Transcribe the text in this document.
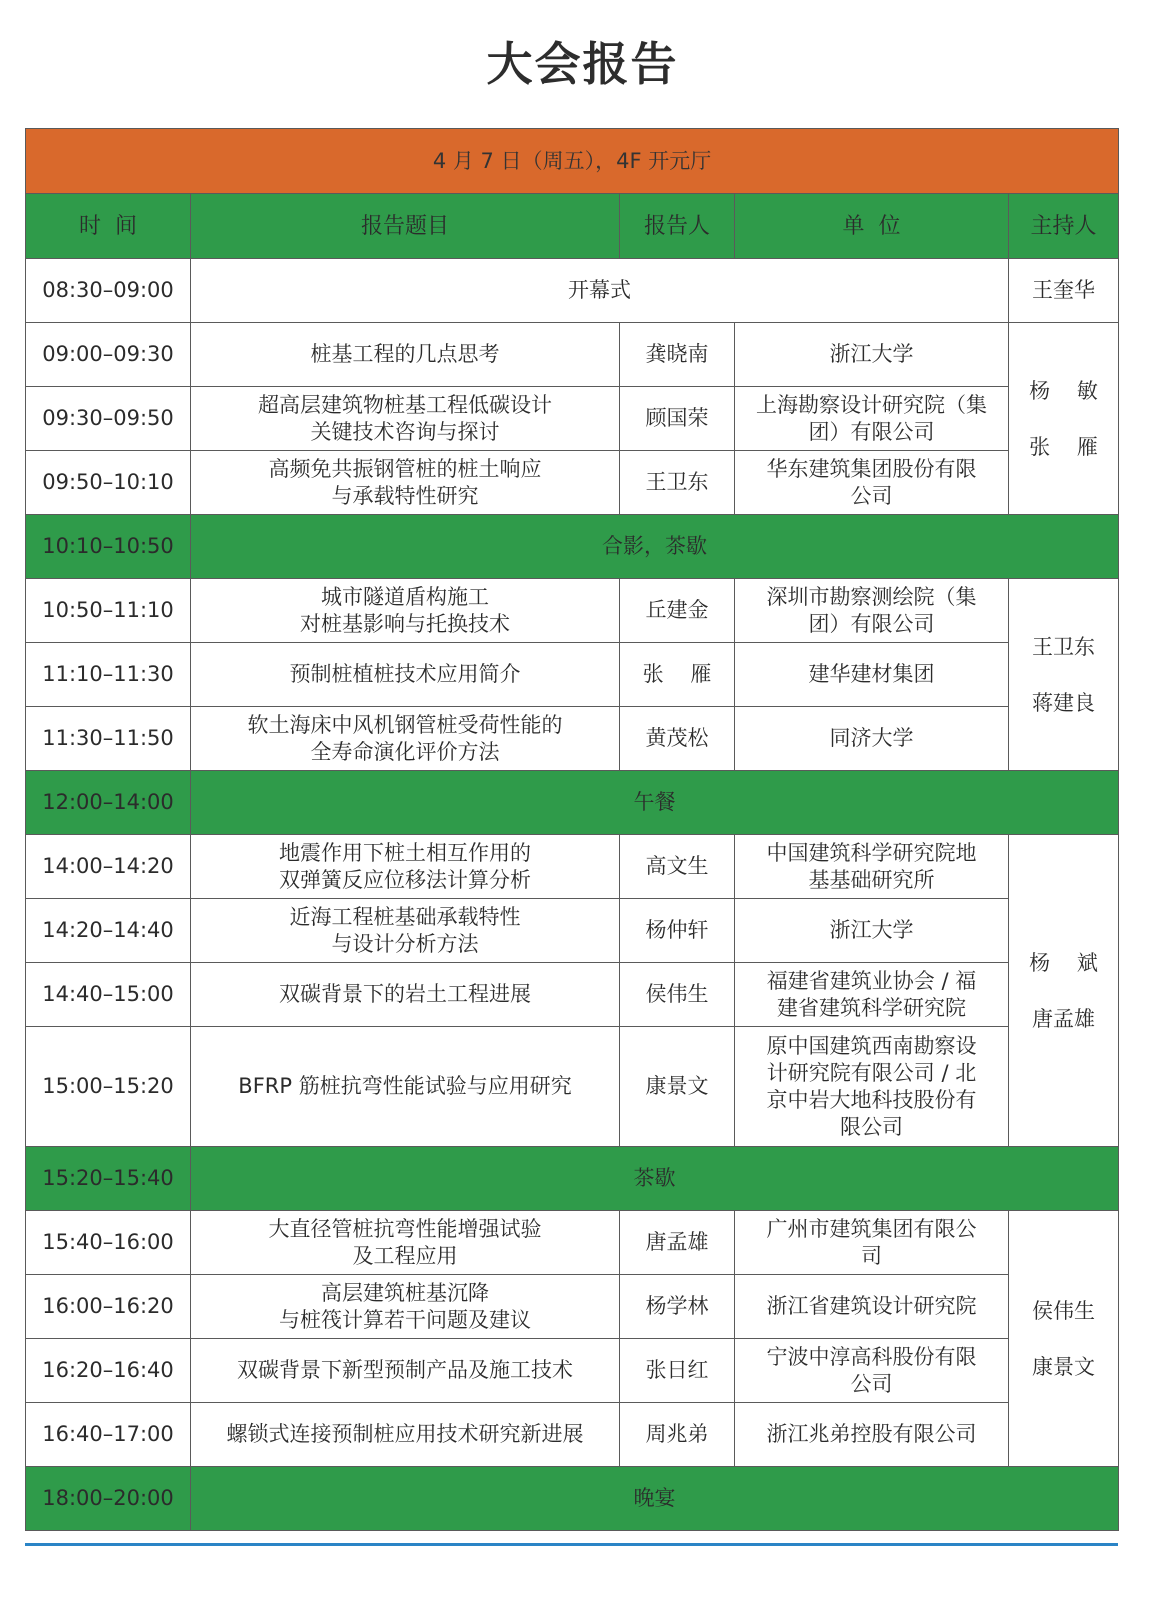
大会报告
4 月 7 日（周五），4F 开元厅				
时  间	报告题目	报告人	单  位	主持人
08:30–09:00	开幕式			王奎华
09:00–09:30	桩基工程的几点思考	龚晓南	浙江大学	杨    敏
张    雁

09:30–09:50	超高层建筑物桩基工程低碳设计
关键技术咨询与探讨	顾国荣	上海勘察设计研究院（集
团）有限公司	

09:50–10:10	高频免共振钢管桩的桩土响应
与承载特性研究	王卫东	华东建筑集团股份有限
公司	

10:10–10:50	合影，茶歇			
10:50–11:10	城市隧道盾构施工
对桩基影响与托换技术	丘建金	深圳市勘察测绘院（集
团）有限公司	王卫东
蒋建良

11:10–11:30	预制桩植桩技术应用简介	张    雁	建华建材集团	

11:30–11:50	软土海床中风机钢管桩受荷性能的
全寿命演化评价方法	黄茂松	同济大学	

12:00–14:00	午餐			
14:00–14:20	地震作用下桩土相互作用的
双弹簧反应位移法计算分析	高文生	中国建筑科学研究院地
基基础研究所	杨    斌
唐孟雄

14:20–14:40	近海工程桩基础承载特性
与设计分析方法	杨仲轩	浙江大学	

14:40–15:00	双碳背景下的岩土工程进展	侯伟生	福建省建筑业协会 / 福
建省建筑科学研究院	

15:00–15:20	BFRP 筋桩抗弯性能试验与应用研究	康景文	原中国建筑西南勘察设
计研究院有限公司 / 北
京中岩大地科技股份有
限公司	

15:20–15:40	茶歇			
15:40–16:00	大直径管桩抗弯性能增强试验
及工程应用	唐孟雄	广州市建筑集团有限公
司	侯伟生
康景文

16:00–16:20	高层建筑桩基沉降
与桩筏计算若干问题及建议	杨学林	浙江省建筑设计研究院	

16:20–16:40	双碳背景下新型预制产品及施工技术	张日红	宁波中淳高科股份有限
公司	

16:40–17:00	螺锁式连接预制桩应用技术研究新进展	周兆弟	浙江兆弟控股有限公司	

18:00–20:00	晚宴			
